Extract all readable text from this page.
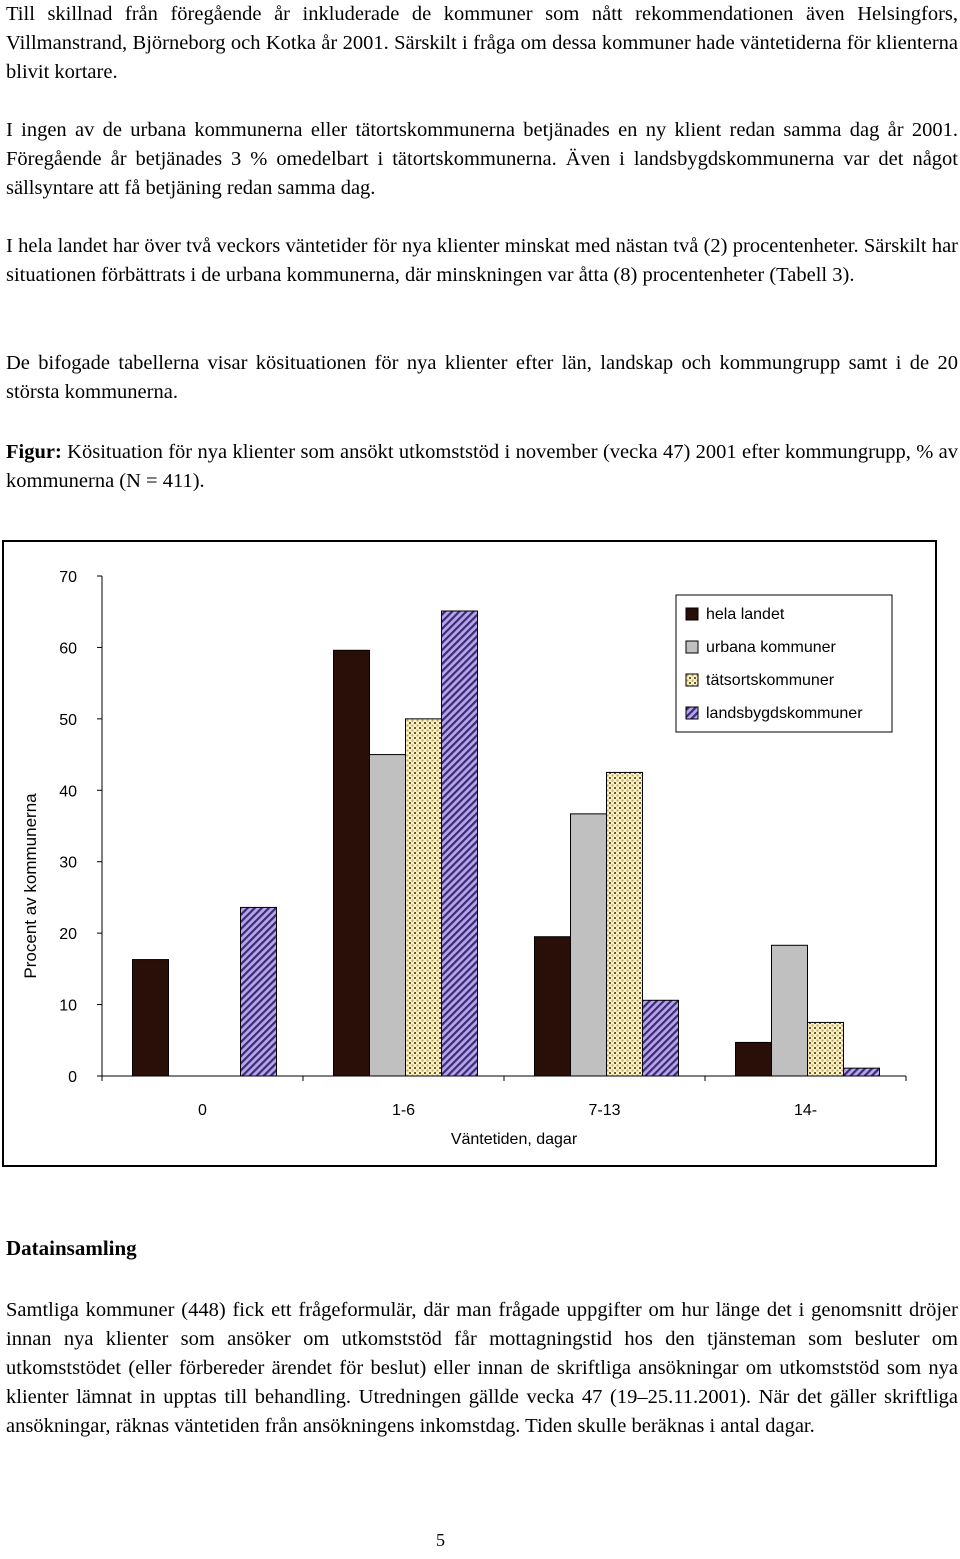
Till skillnad från föregående år inkluderade de kommuner som nått rekommendationen även Helsingfors, Villmanstrand, Björneborg och Kotka år 2001. Särskilt i fråga om dessa kommuner hade väntetiderna för klienterna blivit kortare.

I ingen av de urbana kommunerna eller tätortskommunerna betjänades en ny klient redan samma dag år 2001. Föregående år betjänades 3 % omedelbart i tätortskommunerna. Även i landsbygdskommunerna var det något sällsyntare att få betjäning redan samma dag.

I hela landet har över två veckors väntetider för nya klienter minskat med nästan två (2) procentenheter. Särskilt har situationen förbättrats i de urbana kommunerna, där minskningen var åtta (8) procentenheter (Tabell 3).

De bifogade tabellerna visar kösituationen för nya klienter efter län, landskap och kommungrupp samt i de 20 största kommunerna.

Figur: Kösituation för nya klienter som ansökt utkomststöd i november (vecka 47) 2001 efter kommungrupp, % av kommunerna (N = 411).

0
10
20
30
40
50
60
70
Procent av kommunerna
0	1-6	7-13	14-
Väntetiden, dagar
hela landet
urbana kommuner
tätsortskommuner
landsbygdskommuner
Datainsamling

Samtliga kommuner (448) fick ett frågeformulär, där man frågade uppgifter om hur länge det i genomsnitt dröjer innan nya klienter som ansöker om utkomststöd får mottagningstid hos den tjänsteman som besluter om utkomststödet (eller förbereder ärendet för beslut) eller innan de skriftliga ansökningar om utkomststöd som nya klienter lämnat in upptas till behandling. Utredningen gällde vecka 47 (19–25.11.2001). När det gäller skriftliga ansökningar, räknas väntetiden från ansökningens inkomstdag. Tiden skulle beräknas i antal dagar.

5
